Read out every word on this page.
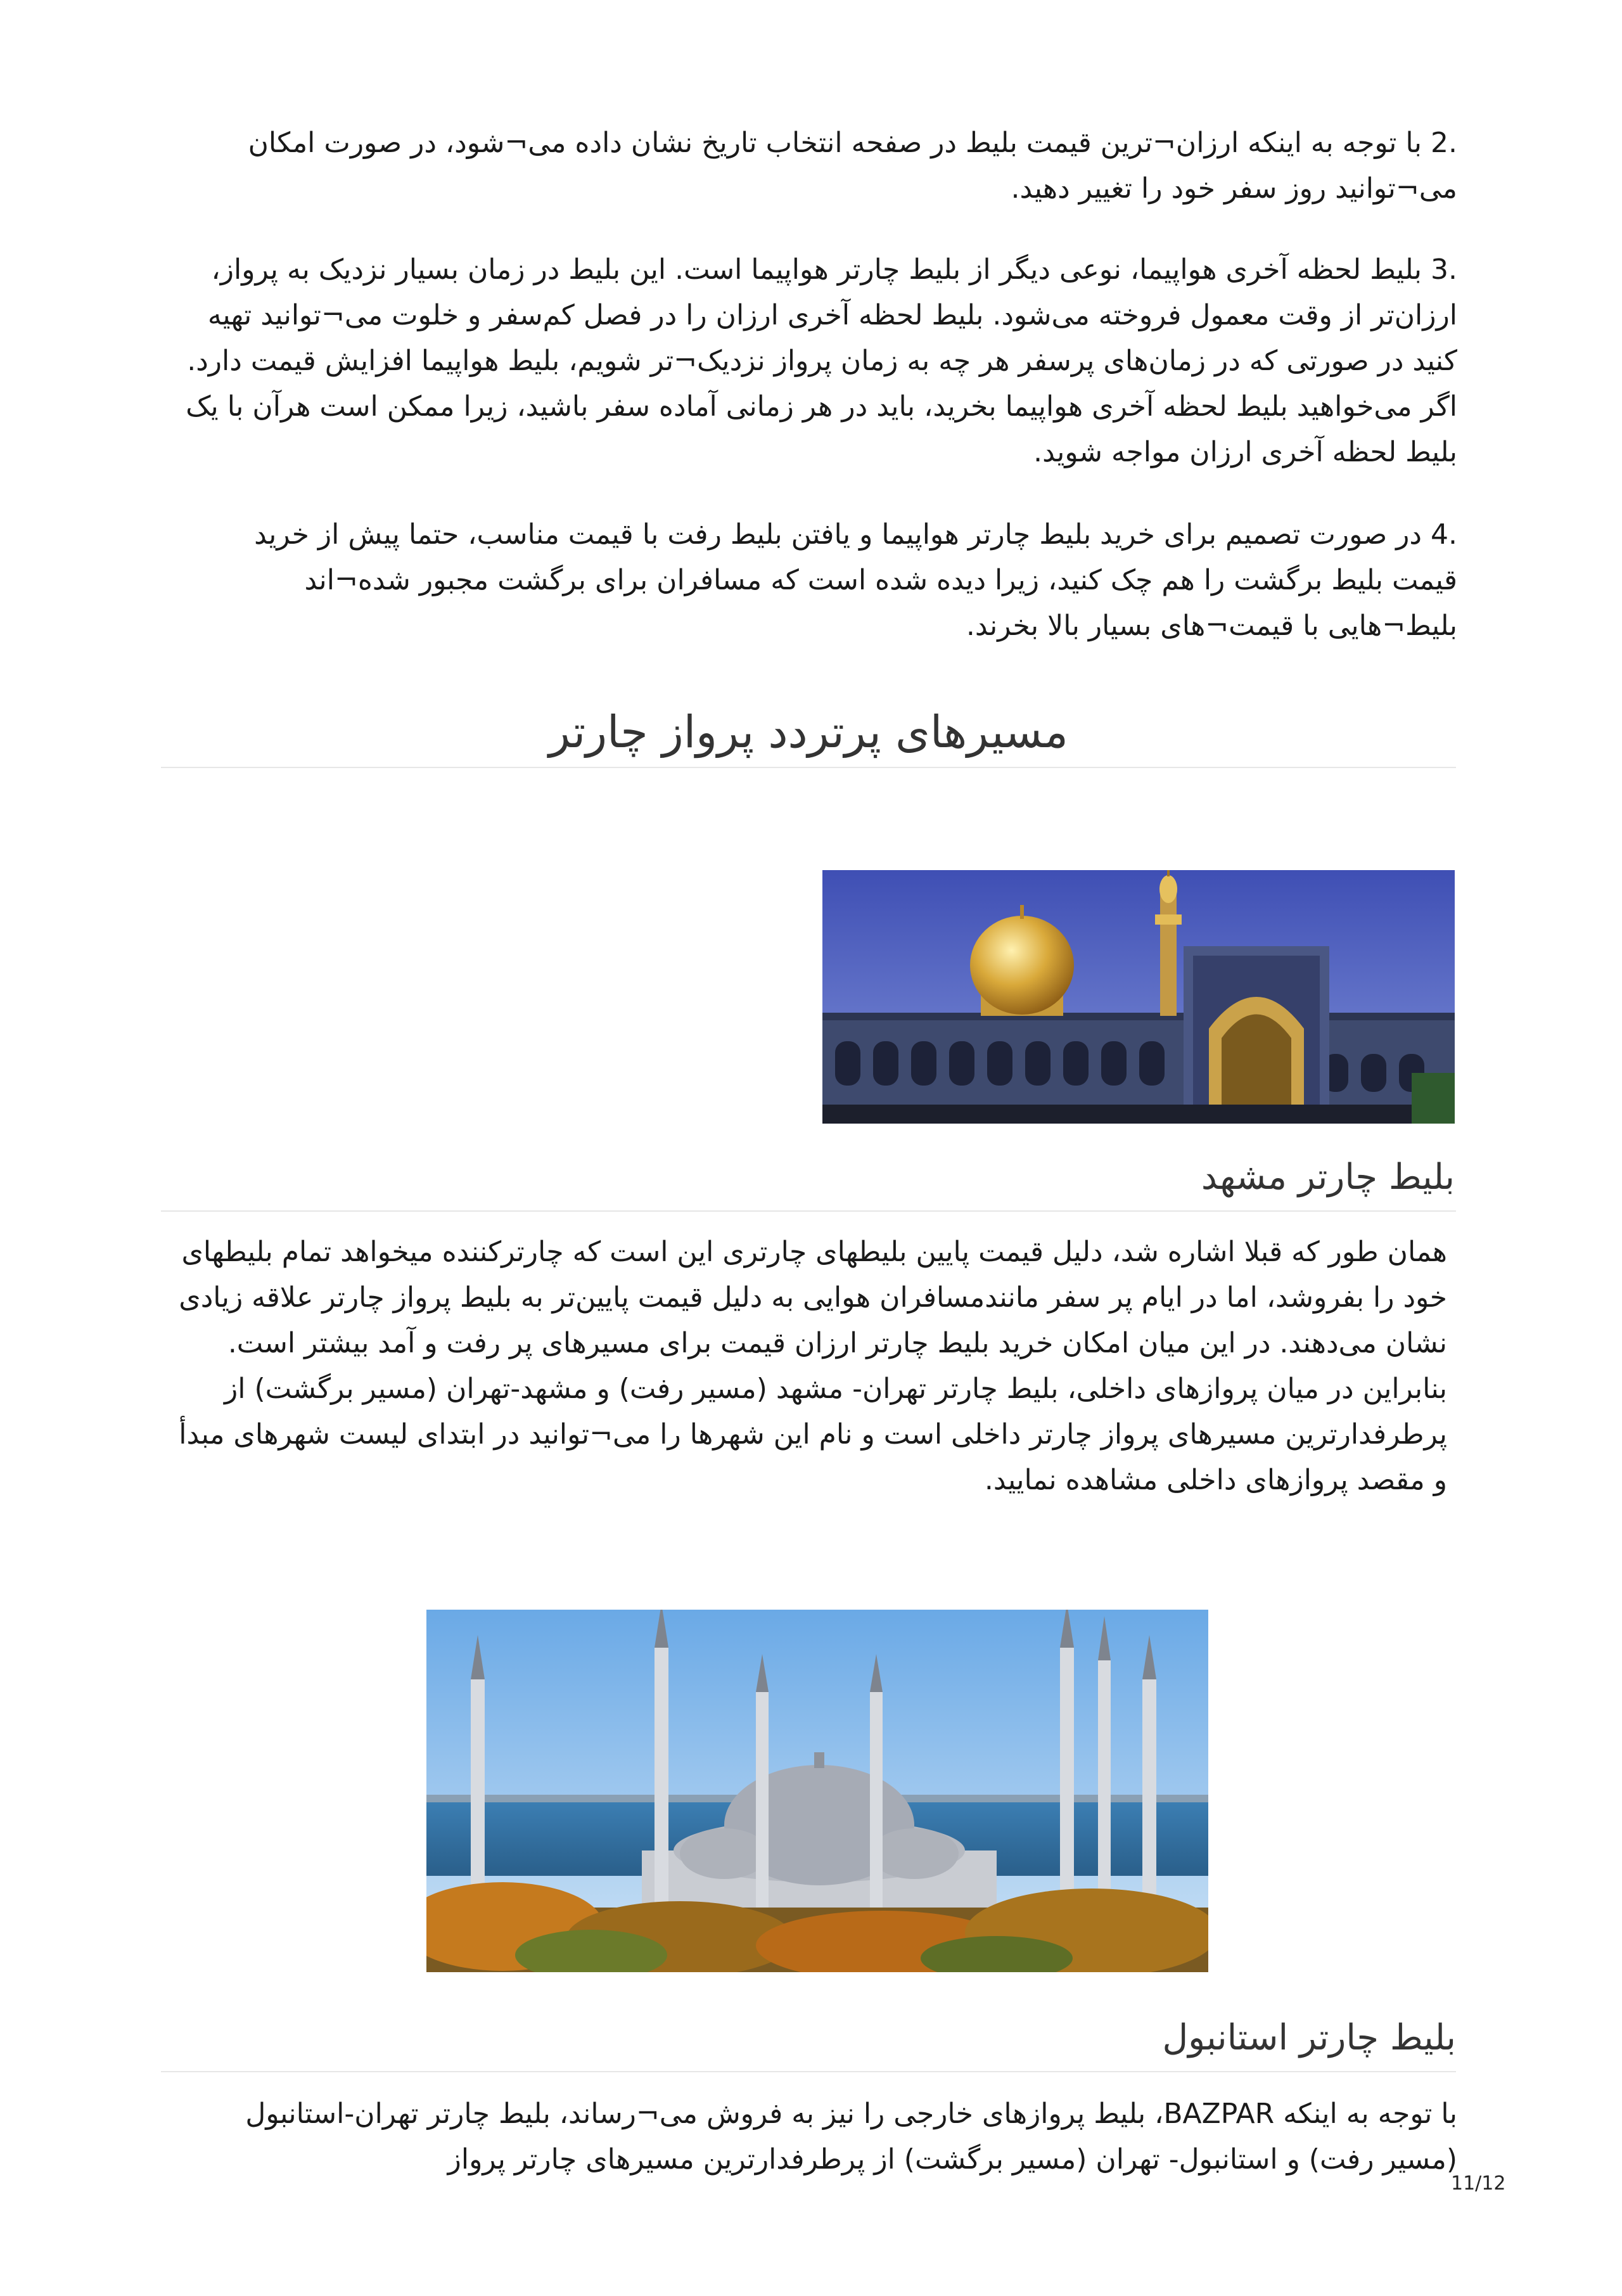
.2 با توجه به اینکه ارزان¬ترین قیمت بلیط در صفحه انتخاب تاریخ نشان داده می¬شود، در صورت امکان می¬توانید روز سفر خود را تغییر دهید.

.3 بلیط لحظه آخری هواپیما، نوعی دیگر از بلیط چارتر هواپیما است. این بلیط در زمان بسیار نزدیک به پرواز، ارزان‌تر از وقت معمول فروخته می‌شود. بلیط لحظه آخری ارزان را در فصل کم‌سفر و خلوت می¬توانید تهیه کنید در صورتی که در زمان‌های پرسفر هر چه به زمان پرواز نزدیک¬تر شویم، بلیط هواپیما افزایش قیمت دارد. اگر می‌خواهید بلیط لحظه آخری هواپیما بخرید، باید در هر زمانی آماده سفر باشید، زیرا ممکن است هرآن با یک بلیط لحظه آخری ارزان مواجه شوید.

.4 در صورت تصمیم برای خرید بلیط چارتر هواپیما و یافتن بلیط رفت با قیمت مناسب، حتما پیش از خرید قیمت بلیط برگشت را هم چک کنید، زیرا دیده شده است که مسافران برای برگشت مجبور شده¬اند بلیط¬هایی با قیمت¬های بسیار بالا بخرند.

مسیرهای پرتردد پرواز چارتر
بلیط چارتر مشهد

همان طور که قبلا اشاره شد، دلیل قیمت پایین بلیطهای چارتری این است که چارترکننده میخواهد تمام بلیطهای خود را بفروشد، اما در ایام پر سفر مانندمسافران هوایی به دلیل قیمت پایین‌تر به بلیط پرواز چارتر علاقه زیادی نشان می‌دهند. در این میان امکان خرید بلیط چارتر ارزان قیمت برای مسیرهای پر رفت و آمد بیشتر است. بنابراین در میان پروازهای داخلی، بلیط چارتر تهران- مشهد (مسیر رفت) و مشهد-تهران (مسیر برگشت) از پرطرفدارترین مسیرهای پرواز چارتر داخلی است و نام این شهرها را می¬توانید در ابتدای لیست شهرهای مبدأ و مقصد پروازهای داخلی مشاهده نمایید.

بلیط چارتر استانبول

با توجه به اینکه BAZPAR، بلیط پروازهای خارجی را نیز به فروش می¬رساند، بلیط چارتر تهران-استانبول (مسیر رفت) و استانبول- تهران (مسیر برگشت) از پرطرفدارترین مسیرهای چارتر پرواز

11/12
